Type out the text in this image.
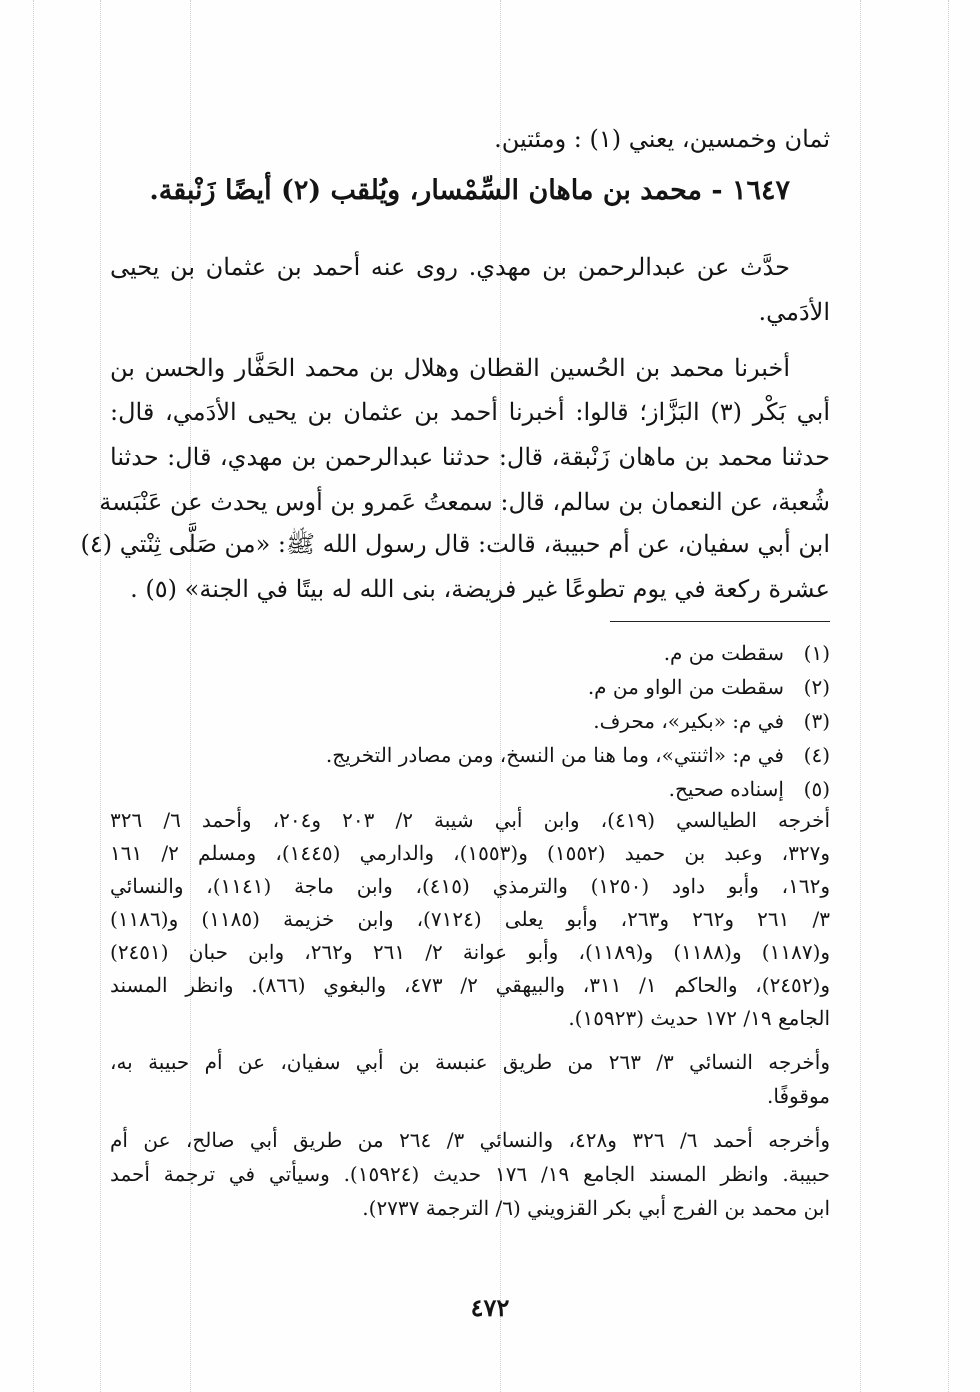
ثمان وخمسين، يعني (١) : ومئتين.
١٦٤٧ - محمد بن ماهان السِّمْسار، ويُلقب (٢) أيضًا زَنْبقة.
حدَّث عن عبدالرحمن بن مهدي. روى عنه أحمد بن عثمان بن يحيى
الأدَمي.
أخبرنا محمد بن الحُسين القطان وهلال بن محمد الحَفَّار والحسن بن
أبي بَكْر (٣) البَزَّاز؛ قالوا: أخبرنا أحمد بن عثمان بن يحيى الأدَمي، قال:
حدثنا محمد بن ماهان زَنْبقة، قال: حدثنا عبدالرحمن بن مهدي، قال: حدثنا
شُعبة، عن النعمان بن سالم، قال: سمعتُ عَمرو بن أوس يحدث عن عَنْبَسة
ابن أبي سفيان، عن أم حبيبة، قالت: قال رسول الله ﷺ: «من صَلَّى ثِنْتي (٤)
عشرة ركعة في يوم تطوعًا غير فريضة، بنى الله له بيتًا في الجنة» (٥) .
(١)سقطت من م.
(٢)سقطت من الواو من م.
(٣)في م: «بكير»، محرف.
(٤)في م: «اثنتي»، وما هنا من النسخ، ومن مصادر التخريج.
(٥)إسناده صحيح.
أخرجه الطيالسي (٤١٩)، وابن أبي شيبة ٢/ ٢٠٣ و٢٠٤، وأحمد ٦/ ٣٢٦
و٣٢٧، وعبد بن حميد (١٥٥٢) و(١٥٥٣)، والدارمي (١٤٤٥)، ومسلم ٢/ ١٦١
و١٦٢، وأبو داود (١٢٥٠) والترمذي (٤١٥)، وابن ماجة (١١٤١)، والنسائي
٣/ ٢٦١ و٢٦٢ و٢٦٣، وأبو يعلى (٧١٢٤)، وابن خزيمة (١١٨٥) و(١١٨٦)
و(١١٨٧) و(١١٨٨) و(١١٨٩)، وأبو عوانة ٢/ ٢٦١ و٢٦٢، وابن حبان (٢٤٥١)
و(٢٤٥٢)، والحاكم ١/ ٣١١، والبيهقي ٢/ ٤٧٣، والبغوي (٨٦٦). وانظر المسند
الجامع ١٩/ ١٧٢ حديث (١٥٩٢٣).
وأخرجه النسائي ٣/ ٢٦٣ من طريق عنبسة بن أبي سفيان، عن أم حبيبة به،
موقوفًا.
وأخرجه أحمد ٦/ ٣٢٦ و٤٢٨، والنسائي ٣/ ٢٦٤ من طريق أبي صالح، عن أم
حبيبة. وانظر المسند الجامع ١٩/ ١٧٦ حديث (١٥٩٢٤). وسيأتي في ترجمة أحمد
ابن محمد بن الفرج أبي بكر القزويني (٦/ الترجمة ٢٧٣٧).
٤٧٢
